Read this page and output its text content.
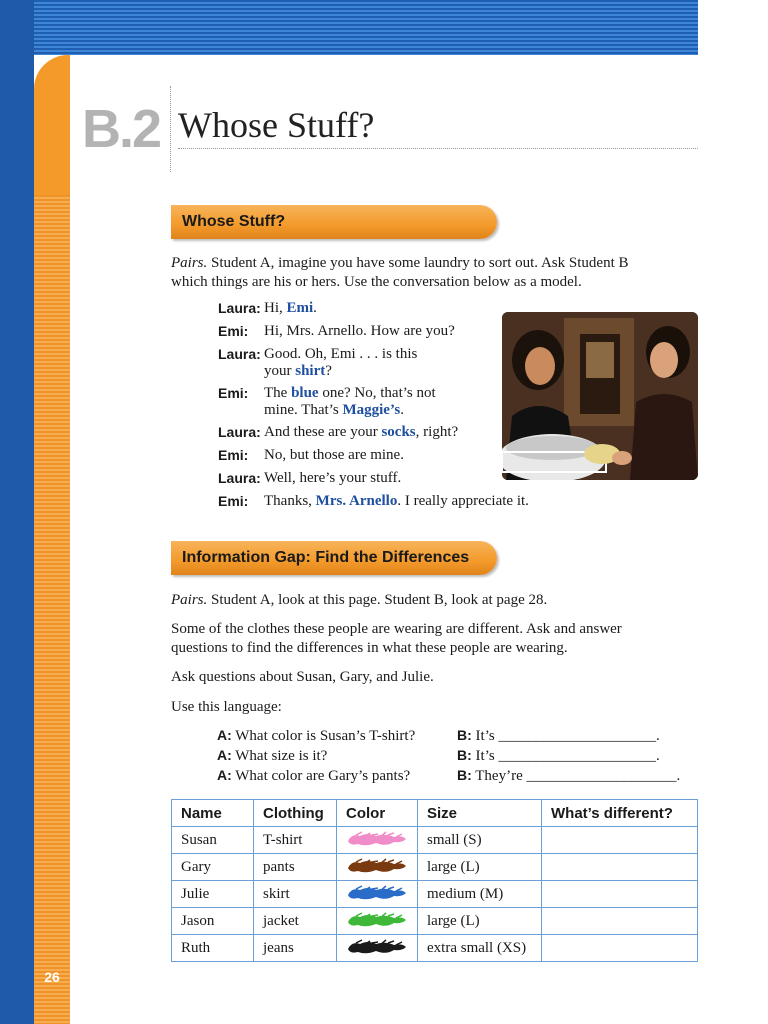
26
B.2 Whose Stuff?
Whose Stuff?
Pairs. Student A, imagine you have some laundry to sort out. Ask Student B
which things are his or hers. Use the conversation below as a model.
Laura: Hi, Emi.
Emi:	Hi, Mrs. Arnello. How are you?
Laura: Good. Oh, Emi . . . is this
your shirt?
Emi:	The blue one? No, that’s not
mine. That’s Maggie’s.
Laura: And these are your socks, right?
Emi:	No, but those are mine.
Laura: Well, here’s your stuff.
Emi:	Thanks, Mrs. Arnello. I really appreciate it.
Information Gap: Find the Differences
Pairs. Student A, look at this page. Student B, look at page 28.
Some of the clothes these people are wearing are different. Ask and answer
questions to find the differences in what these people are wearing.
Ask questions about Susan, Gary, and Julie.
Use this language:
A: What color is Susan’s T-shirt?	B: It’s _____________________.
A: What size is it?	B: It’s _____________________.
A: What color are Gary’s pants?	B: They’re ____________________.
Name	Clothing	Color	Size	What’s different?
Susan	T-shirt		small (S)	
Gary	pants		large (L)	
Julie	skirt		medium (M)	
Jason	jacket		large (L)	
Ruth	jeans		extra small (XS)	
